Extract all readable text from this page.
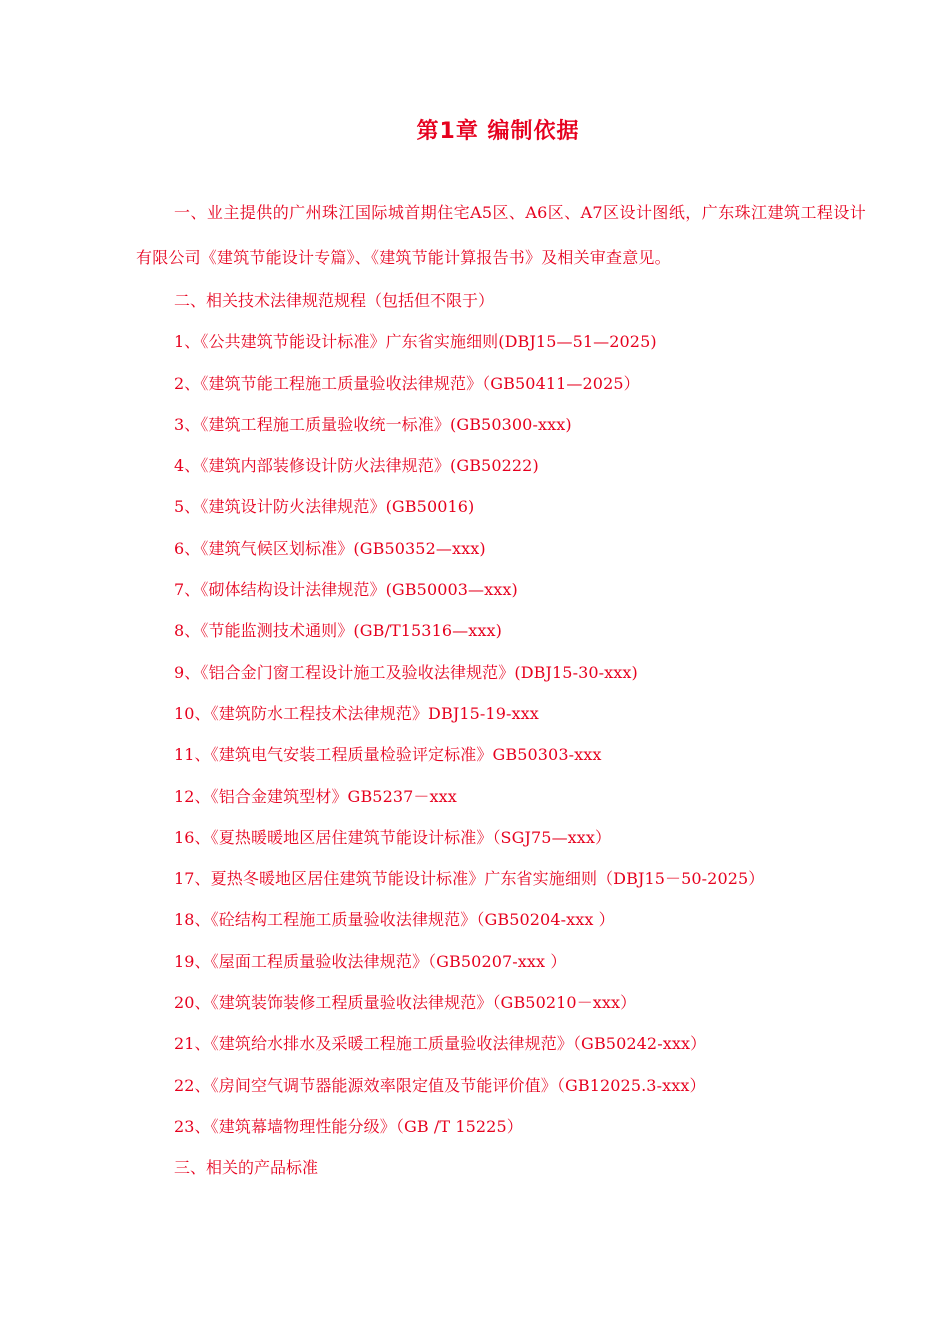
第1章 编制依据

一、业主提供的广州珠江国际城首期住宅A5区、A6区、A7区设计图纸，广东珠江建筑工程设计有限公司《建筑节能设计专篇》、《建筑节能计算报告书》及相关审查意见。

二、相关技术法律规范规程（包括但不限于）

1、《公共建筑节能设计标准》广东省实施细则(DBJ15—51—2025)

2、《建筑节能工程施工质量验收法律规范》（GB50411—2025）

3、《建筑工程施工质量验收统一标准》(GB50300-xxx)

4、《建筑内部装修设计防火法律规范》(GB50222)

5、《建筑设计防火法律规范》(GB50016)

6、《建筑气候区划标准》(GB50352—xxx)

7、《砌体结构设计法律规范》(GB50003—xxx)

8、《节能监测技术通则》(GB/T15316—xxx)

9、《铝合金门窗工程设计施工及验收法律规范》(DBJ15-30-xxx)

10、《建筑防水工程技术法律规范》DBJ15-19-xxx

11、《建筑电气安装工程质量检验评定标准》GB50303-xxx

12、《铝合金建筑型材》GB5237－xxx

16、《夏热暖暖地区居住建筑节能设计标准》（SGJ75—xxx）

17、夏热冬暖地区居住建筑节能设计标准》广东省实施细则（DBJ15－50-2025）

18、《砼结构工程施工质量验收法律规范》（GB50204-xxx ）

19、《屋面工程质量验收法律规范》（GB50207-xxx ）

20、《建筑装饰装修工程质量验收法律规范》（GB50210－xxx）

21、《建筑给水排水及采暖工程施工质量验收法律规范》（GB50242-xxx）

22、《房间空气调节器能源效率限定值及节能评价值》（GB12025.3-xxx）

23、《建筑幕墙物理性能分级》（GB /T 15225）

三、相关的产品标准
